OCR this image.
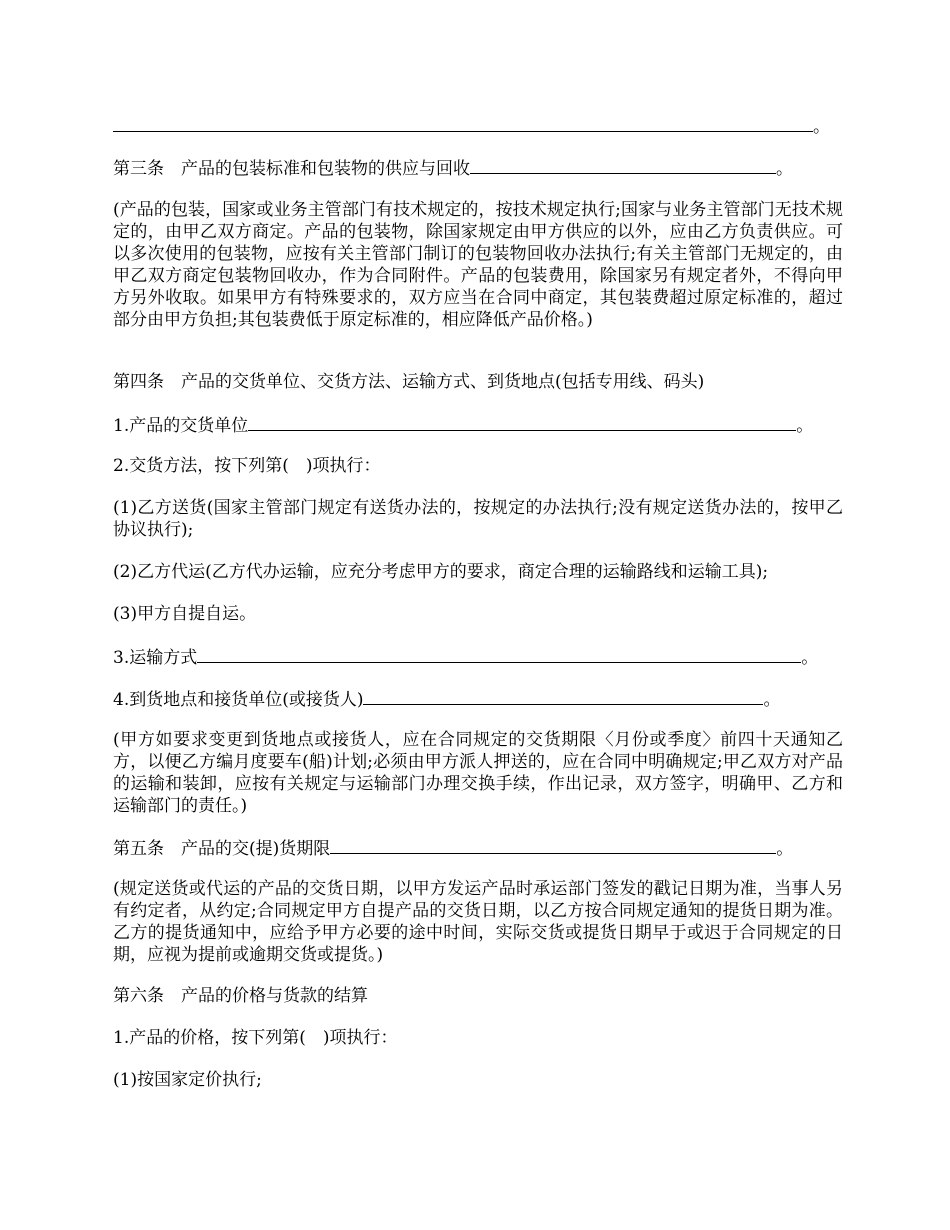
。

第三条　产品的包装标准和包装物的供应与回收	。

(产品的包装，国家或业务主管部门有技术规定的，按技术规定执行;国家与业务主管部门无技术规定的，由甲乙双方商定。产品的包装物，除国家规定由甲方供应的以外，应由乙方负责供应。可以多次使用的包装物，应按有关主管部门制订的包装物回收办法执行;有关主管部门无规定的，由甲乙双方商定包装物回收办，作为合同附件。产品的包装费用，除国家另有规定者外，不得向甲方另外收取。如果甲方有特殊要求的，双方应当在合同中商定，其包装费超过原定标准的，超过部分由甲方负担;其包装费低于原定标准的，相应降低产品价格。)

第四条　产品的交货单位、交货方法、运输方式、到货地点(包括专用线、码头)

1.产品的交货单位	。

2.交货方法，按下列第(　)项执行：

(1)乙方送货(国家主管部门规定有送货办法的，按规定的办法执行;没有规定送货办法的，按甲乙协议执行);

(2)乙方代运(乙方代办运输，应充分考虑甲方的要求，商定合理的运输路线和运输工具);

(3)甲方自提自运。

3.运输方式	。

4.到货地点和接货单位(或接货人)	。

(甲方如要求变更到货地点或接货人，应在合同规定的交货期限〈月份或季度〉前四十天通知乙方，以便乙方编月度要车(船)计划;必须由甲方派人押送的，应在合同中明确规定;甲乙双方对产品的运输和装卸，应按有关规定与运输部门办理交换手续，作出记录，双方签字，明确甲、乙方和运输部门的责任。)

第五条　产品的交(提)货期限	。

(规定送货或代运的产品的交货日期，以甲方发运产品时承运部门签发的戳记日期为准，当事人另有约定者，从约定;合同规定甲方自提产品的交货日期，以乙方按合同规定通知的提货日期为准。乙方的提货通知中，应给予甲方必要的途中时间，实际交货或提货日期早于或迟于合同规定的日期，应视为提前或逾期交货或提货。)

第六条　产品的价格与货款的结算

1.产品的价格，按下列第(　)项执行：

(1)按国家定价执行;
